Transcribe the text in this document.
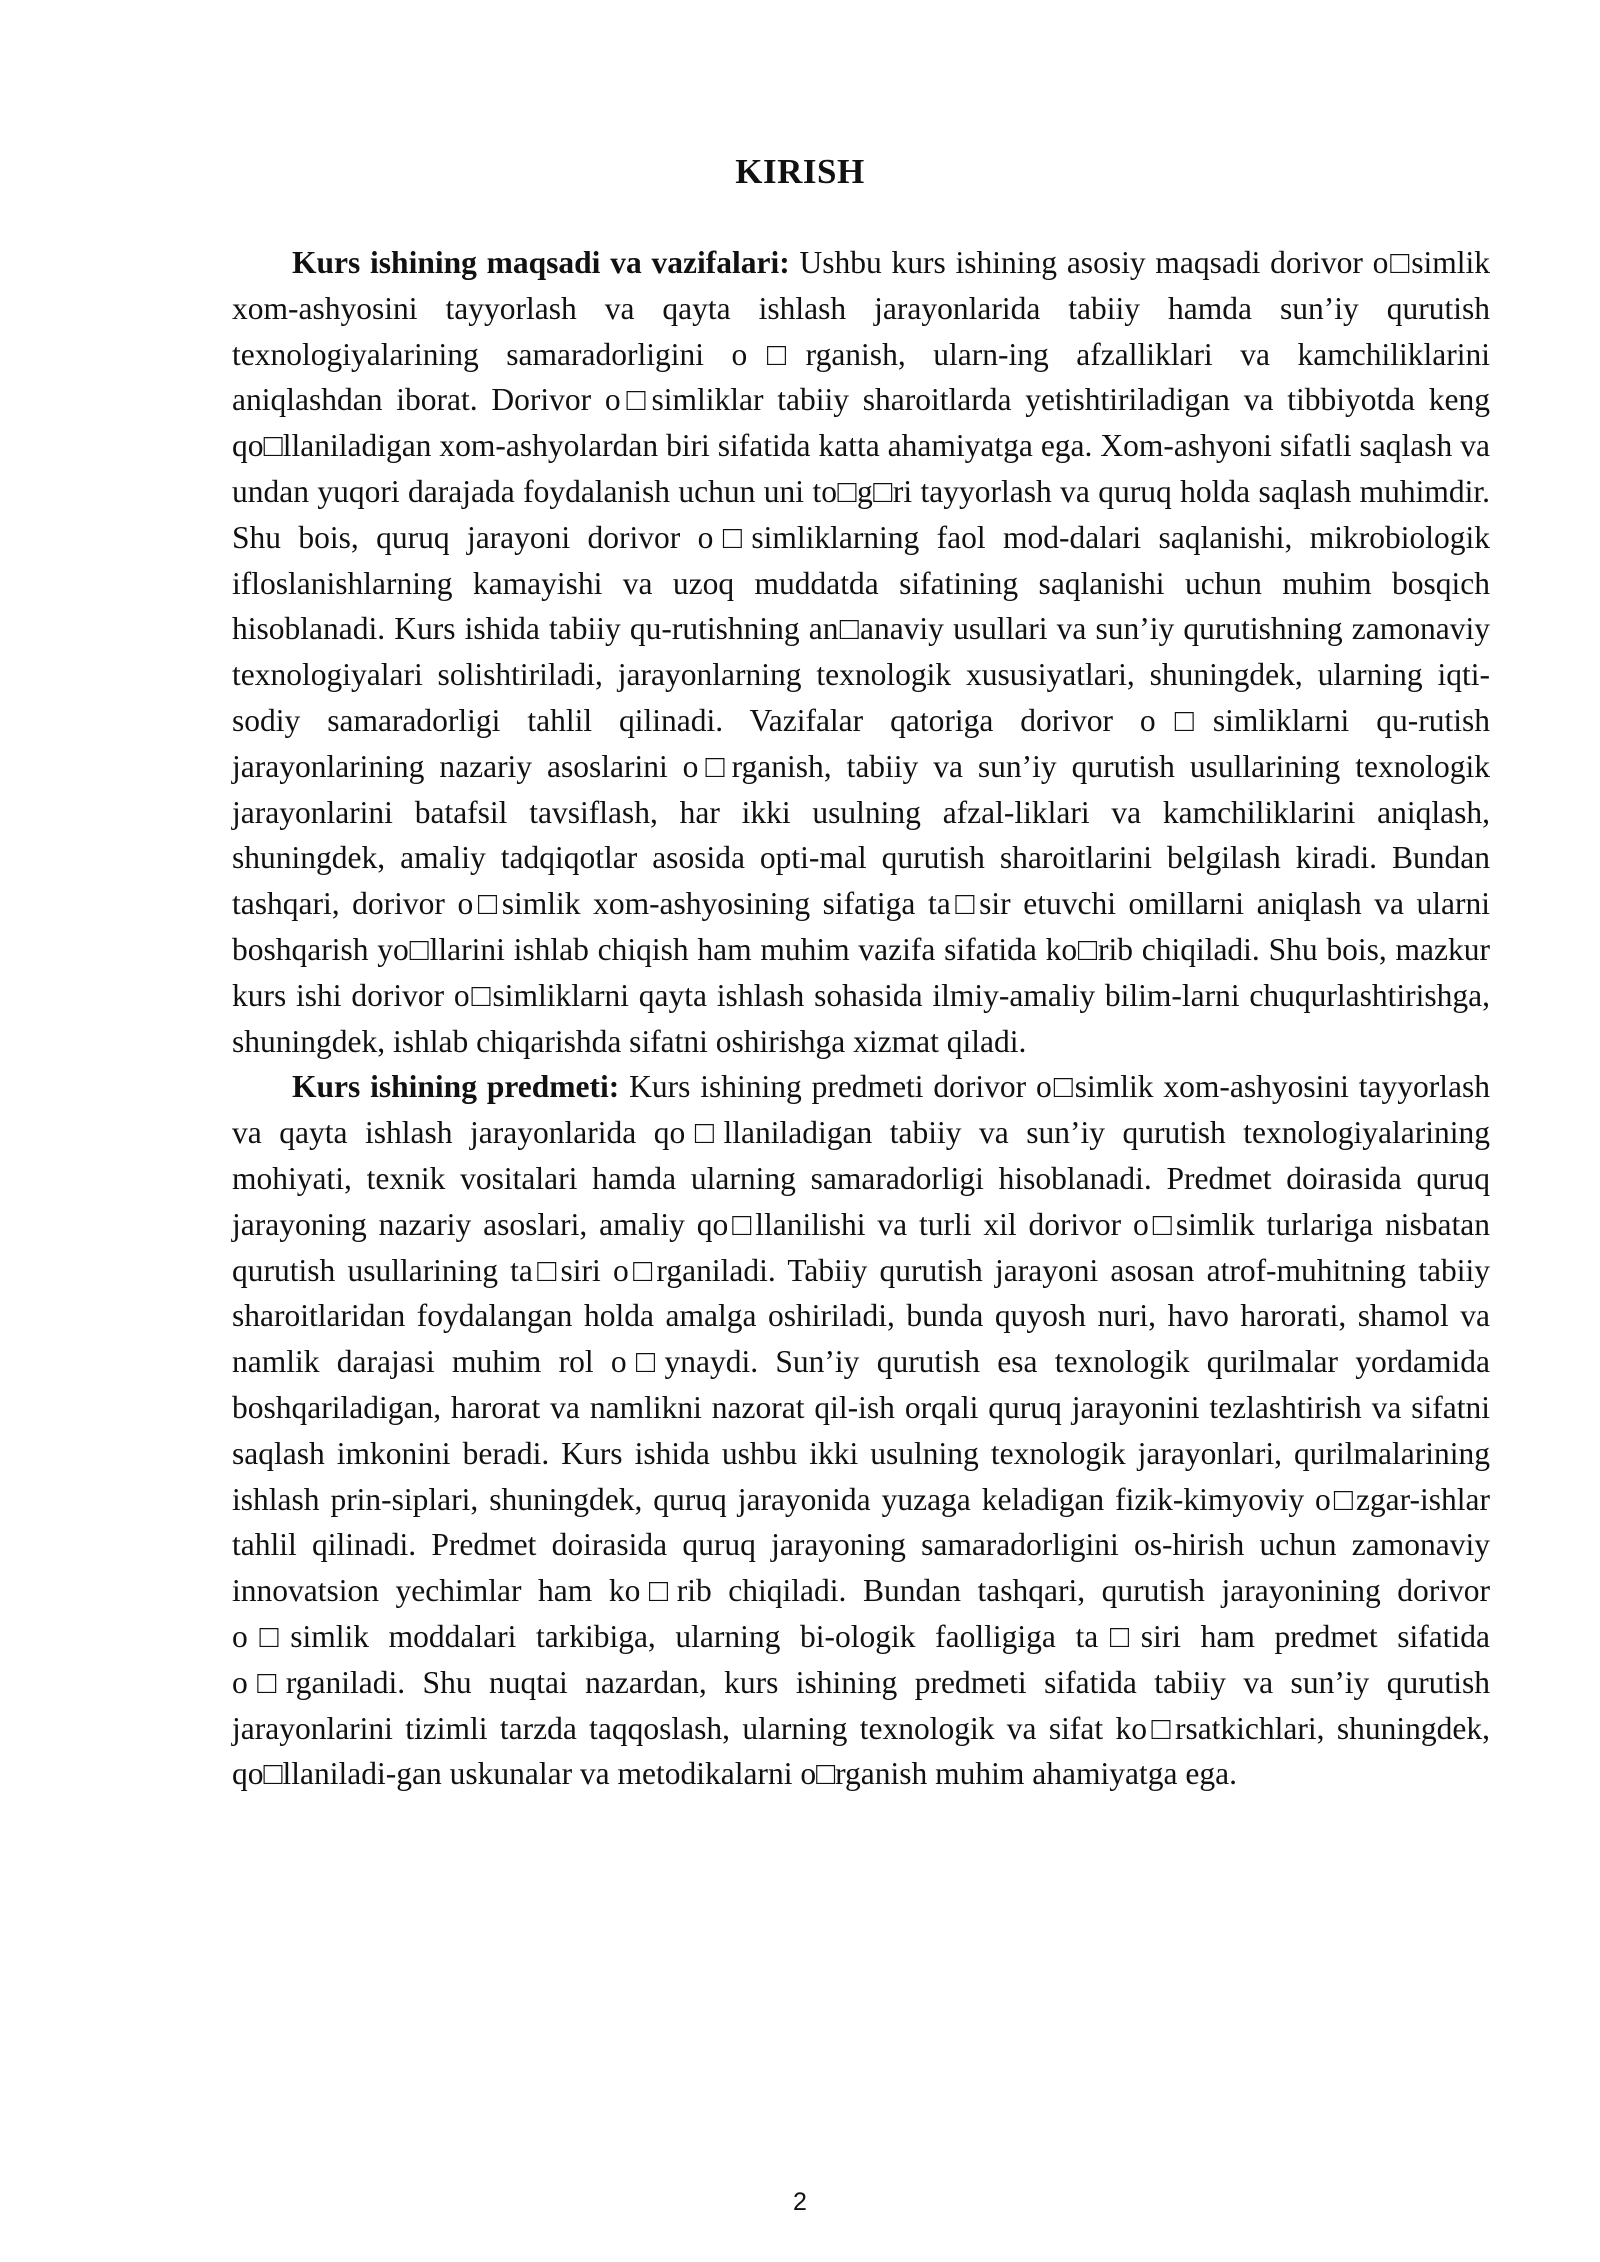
KIRISH

Kurs ishining maqsadi va vazifalari: Ushbu kurs ishining asosiy maqsadi dorivor o□simlik xom-ashyosini tayyorlash va qayta ishlash jarayonlarida tabiiy hamda sun’iy qurutish texnologiyalarining samaradorligini o□rganish, ularn-ing afzalliklari va kamchiliklarini aniqlashdan iborat. Dorivor o□simliklar tabiiy sharoitlarda yetishtiriladigan va tibbiyotda keng qo□llaniladigan xom-ashyolardan biri sifatida katta ahamiyatga ega. Xom-ashyoni sifatli saqlash va undan yuqori darajada foydalanish uchun uni to□g□ri tayyorlash va quruq holda saqlash muhimdir. Shu bois, quruq jarayoni dorivor o□simliklarning faol mod-dalari saqlanishi, mikrobiologik ifloslanishlarning kamayishi va uzoq muddatda sifatining saqlanishi uchun muhim bosqich hisoblanadi. Kurs ishida tabiiy qu-rutishning an□anaviy usullari va sun’iy qurutishning zamonaviy texnologiyalari solishtiriladi, jarayonlarning texnologik xususiyatlari, shuningdek, ularning iqti-sodiy samaradorligi tahlil qilinadi. Vazifalar qatoriga dorivor o□simliklarni qu-rutish jarayonlarining nazariy asoslarini o□rganish, tabiiy va sun’iy qurutish usullarining texnologik jarayonlarini batafsil tavsiflash, har ikki usulning afzal-liklari va kamchiliklarini aniqlash, shuningdek, amaliy tadqiqotlar asosida opti-mal qurutish sharoitlarini belgilash kiradi. Bundan tashqari, dorivor o□simlik xom-ashyosining sifatiga ta□sir etuvchi omillarni aniqlash va ularni boshqarish yo□llarini ishlab chiqish ham muhim vazifa sifatida ko□rib chiqiladi. Shu bois, mazkur kurs ishi dorivor o□simliklarni qayta ishlash sohasida ilmiy-amaliy bilim-larni chuqurlashtirishga, shuningdek, ishlab chiqarishda sifatni oshirishga xizmat qiladi.

Kurs ishining predmeti: Kurs ishining predmeti dorivor o□simlik xom-ashyosini tayyorlash va qayta ishlash jarayonlarida qo□llaniladigan tabiiy va sun’iy qurutish texnologiyalarining mohiyati, texnik vositalari hamda ularning samaradorligi hisoblanadi. Predmet doirasida quruq jarayoning nazariy asoslari, amaliy qo□llanilishi va turli xil dorivor o□simlik turlariga nisbatan qurutish usullarining ta□siri o□rganiladi. Tabiiy qurutish jarayoni asosan atrof-muhitning tabiiy sharoitlaridan foydalangan holda amalga oshiriladi, bunda quyosh nuri, havo harorati, shamol va namlik darajasi muhim rol o□ynaydi. Sun’iy qurutish esa texnologik qurilmalar yordamida boshqariladigan, harorat va namlikni nazorat qil-ish orqali quruq jarayonini tezlashtirish va sifatni saqlash imkonini beradi. Kurs ishida ushbu ikki usulning texnologik jarayonlari, qurilmalarining ishlash prin-siplari, shuningdek, quruq jarayonida yuzaga keladigan fizik-kimyoviy o□zgar-ishlar tahlil qilinadi. Predmet doirasida quruq jarayoning samaradorligini os-hirish uchun zamonaviy innovatsion yechimlar ham ko□rib chiqiladi. Bundan tashqari, qurutish jarayonining dorivor o□simlik moddalari tarkibiga, ularning bi-ologik faolligiga ta□siri ham predmet sifatida o□rganiladi. Shu nuqtai nazardan, kurs ishining predmeti sifatida tabiiy va sun’iy qurutish jarayonlarini tizimli tarzda taqqoslash, ularning texnologik va sifat ko□rsatkichlari, shuningdek, qo□llaniladi-gan uskunalar va metodikalarni o□rganish muhim ahamiyatga ega.

2
